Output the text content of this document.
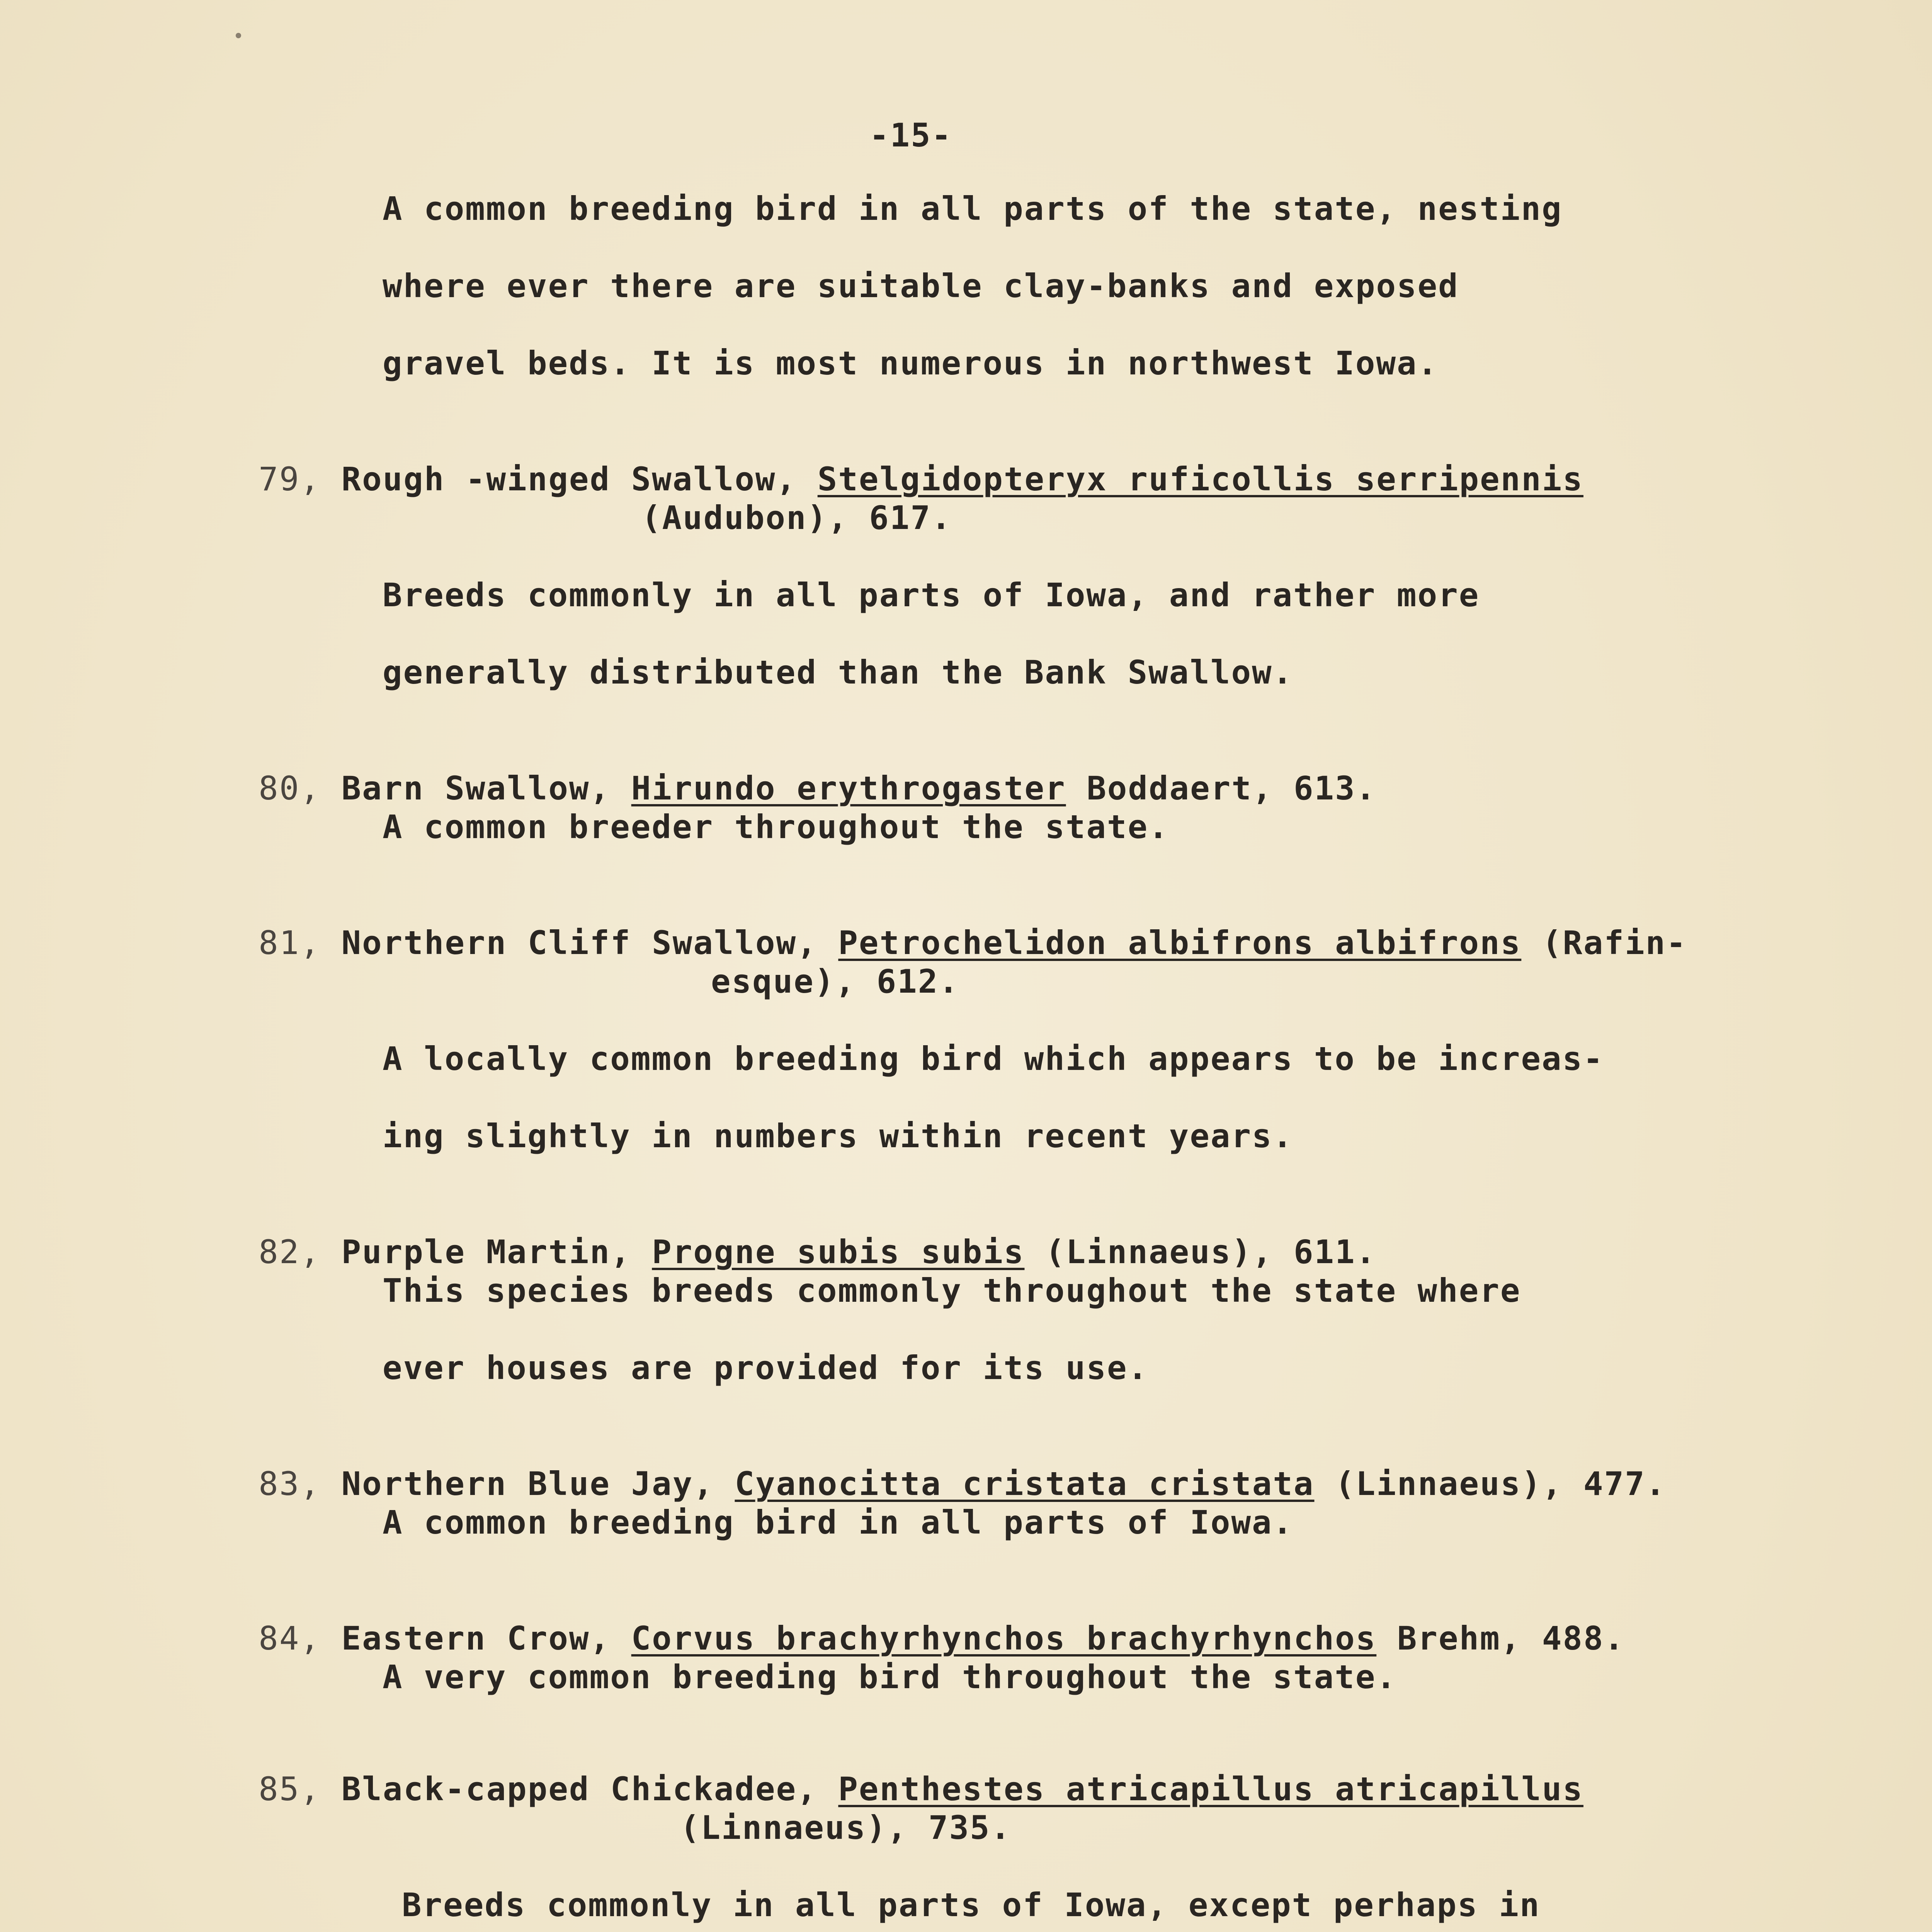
-15-
A common breeding bird in all parts of the state, nesting
where ever there are suitable clay-banks and exposed
gravel beds. It is most numerous in northwest Iowa.

79, Rough -winged Swallow, Stelgidopteryx ruficollis serripennis

(Audubon), 617.
Breeds commonly in all parts of Iowa, and rather more
generally distributed than the Bank Swallow.

80, Barn Swallow, Hirundo erythrogaster Boddaert, 613.

A common breeder throughout the state.

81, Northern Cliff Swallow, Petrochelidon albifrons albifrons (Rafin-

esque), 612.
A locally common breeding bird which appears to be increas-
ing slightly in numbers within recent years.

82, Purple Martin, Progne subis subis (Linnaeus), 611.

This species breeds commonly throughout the state where
ever houses are provided for its use.

83, Northern Blue Jay, Cyanocitta cristata cristata (Linnaeus), 477.

A common breeding bird in all parts of Iowa.

84, Eastern Crow, Corvus brachyrhynchos brachyrhynchos Brehm, 488.

A very common breeding bird throughout the state.

85, Black-capped Chickadee, Penthestes atricapillus atricapillus

(Linnaeus), 735.
Breeds commonly in all parts of Iowa, except perhaps in
